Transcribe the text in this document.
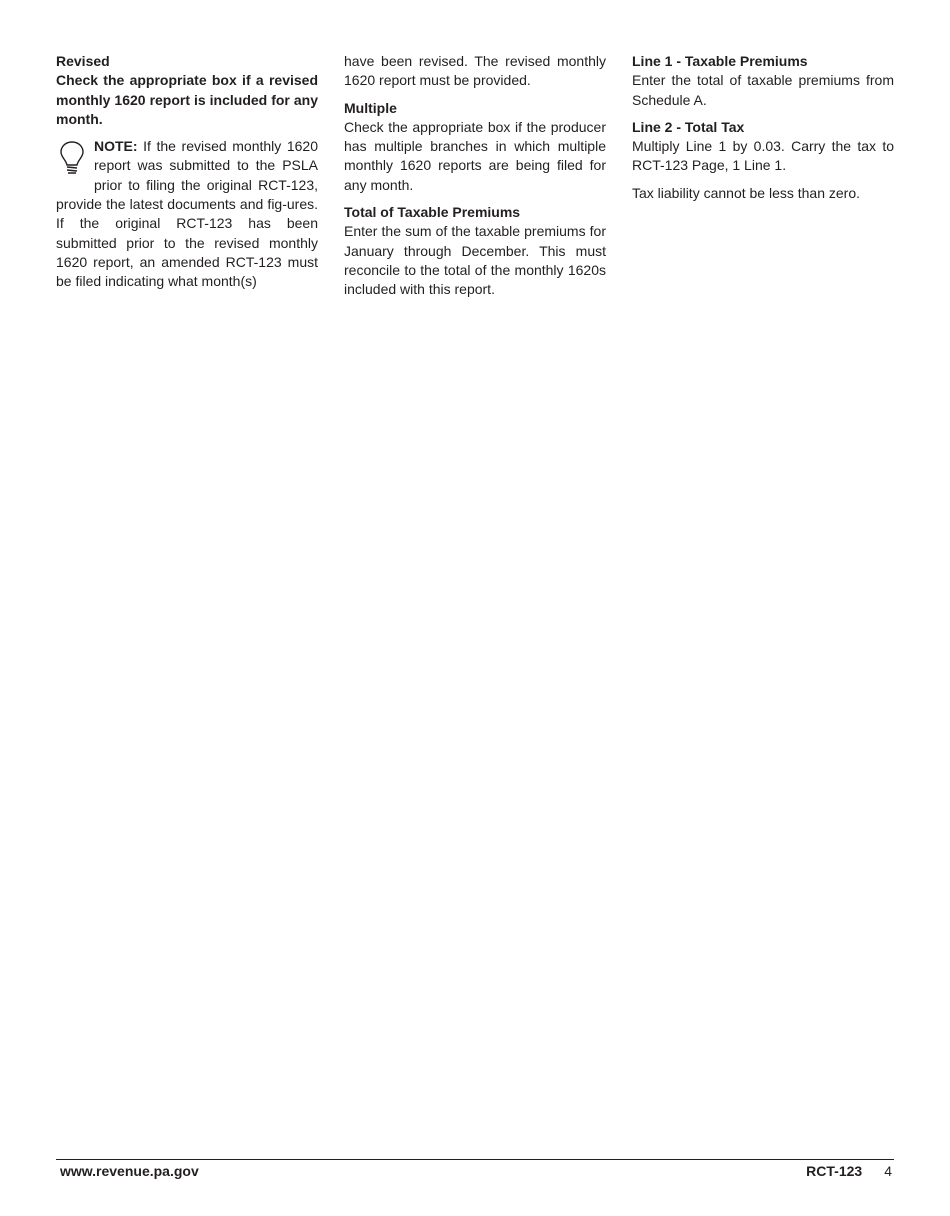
Revised

Check the appropriate box if a revised monthly 1620 report is included for any month.

NOTE: If the revised monthly 1620 report was submitted to the PSLA prior to filing the original RCT-123, provide the latest documents and fig-ures. If the original RCT-123 has been submitted prior to the revised monthly 1620 report, an amended RCT-123 must be filed indicating what month(s)

have been revised. The revised monthly 1620 report must be provided.

Multiple

Check the appropriate box if the producer has multiple branches in which multiple monthly 1620 reports are being filed for any month.

Total of Taxable Premiums

Enter the sum of the taxable premiums for January through December. This must reconcile to the total of the monthly 1620s included with this report.

Line 1 - Taxable Premiums

Enter the total of taxable premiums from Schedule A.

Line 2 - Total Tax

Multiply Line 1 by 0.03. Carry the tax to RCT-123 Page, 1 Line 1.

Tax liability cannot be less than zero.

www.revenue.pa.gov	RCT-123 4
